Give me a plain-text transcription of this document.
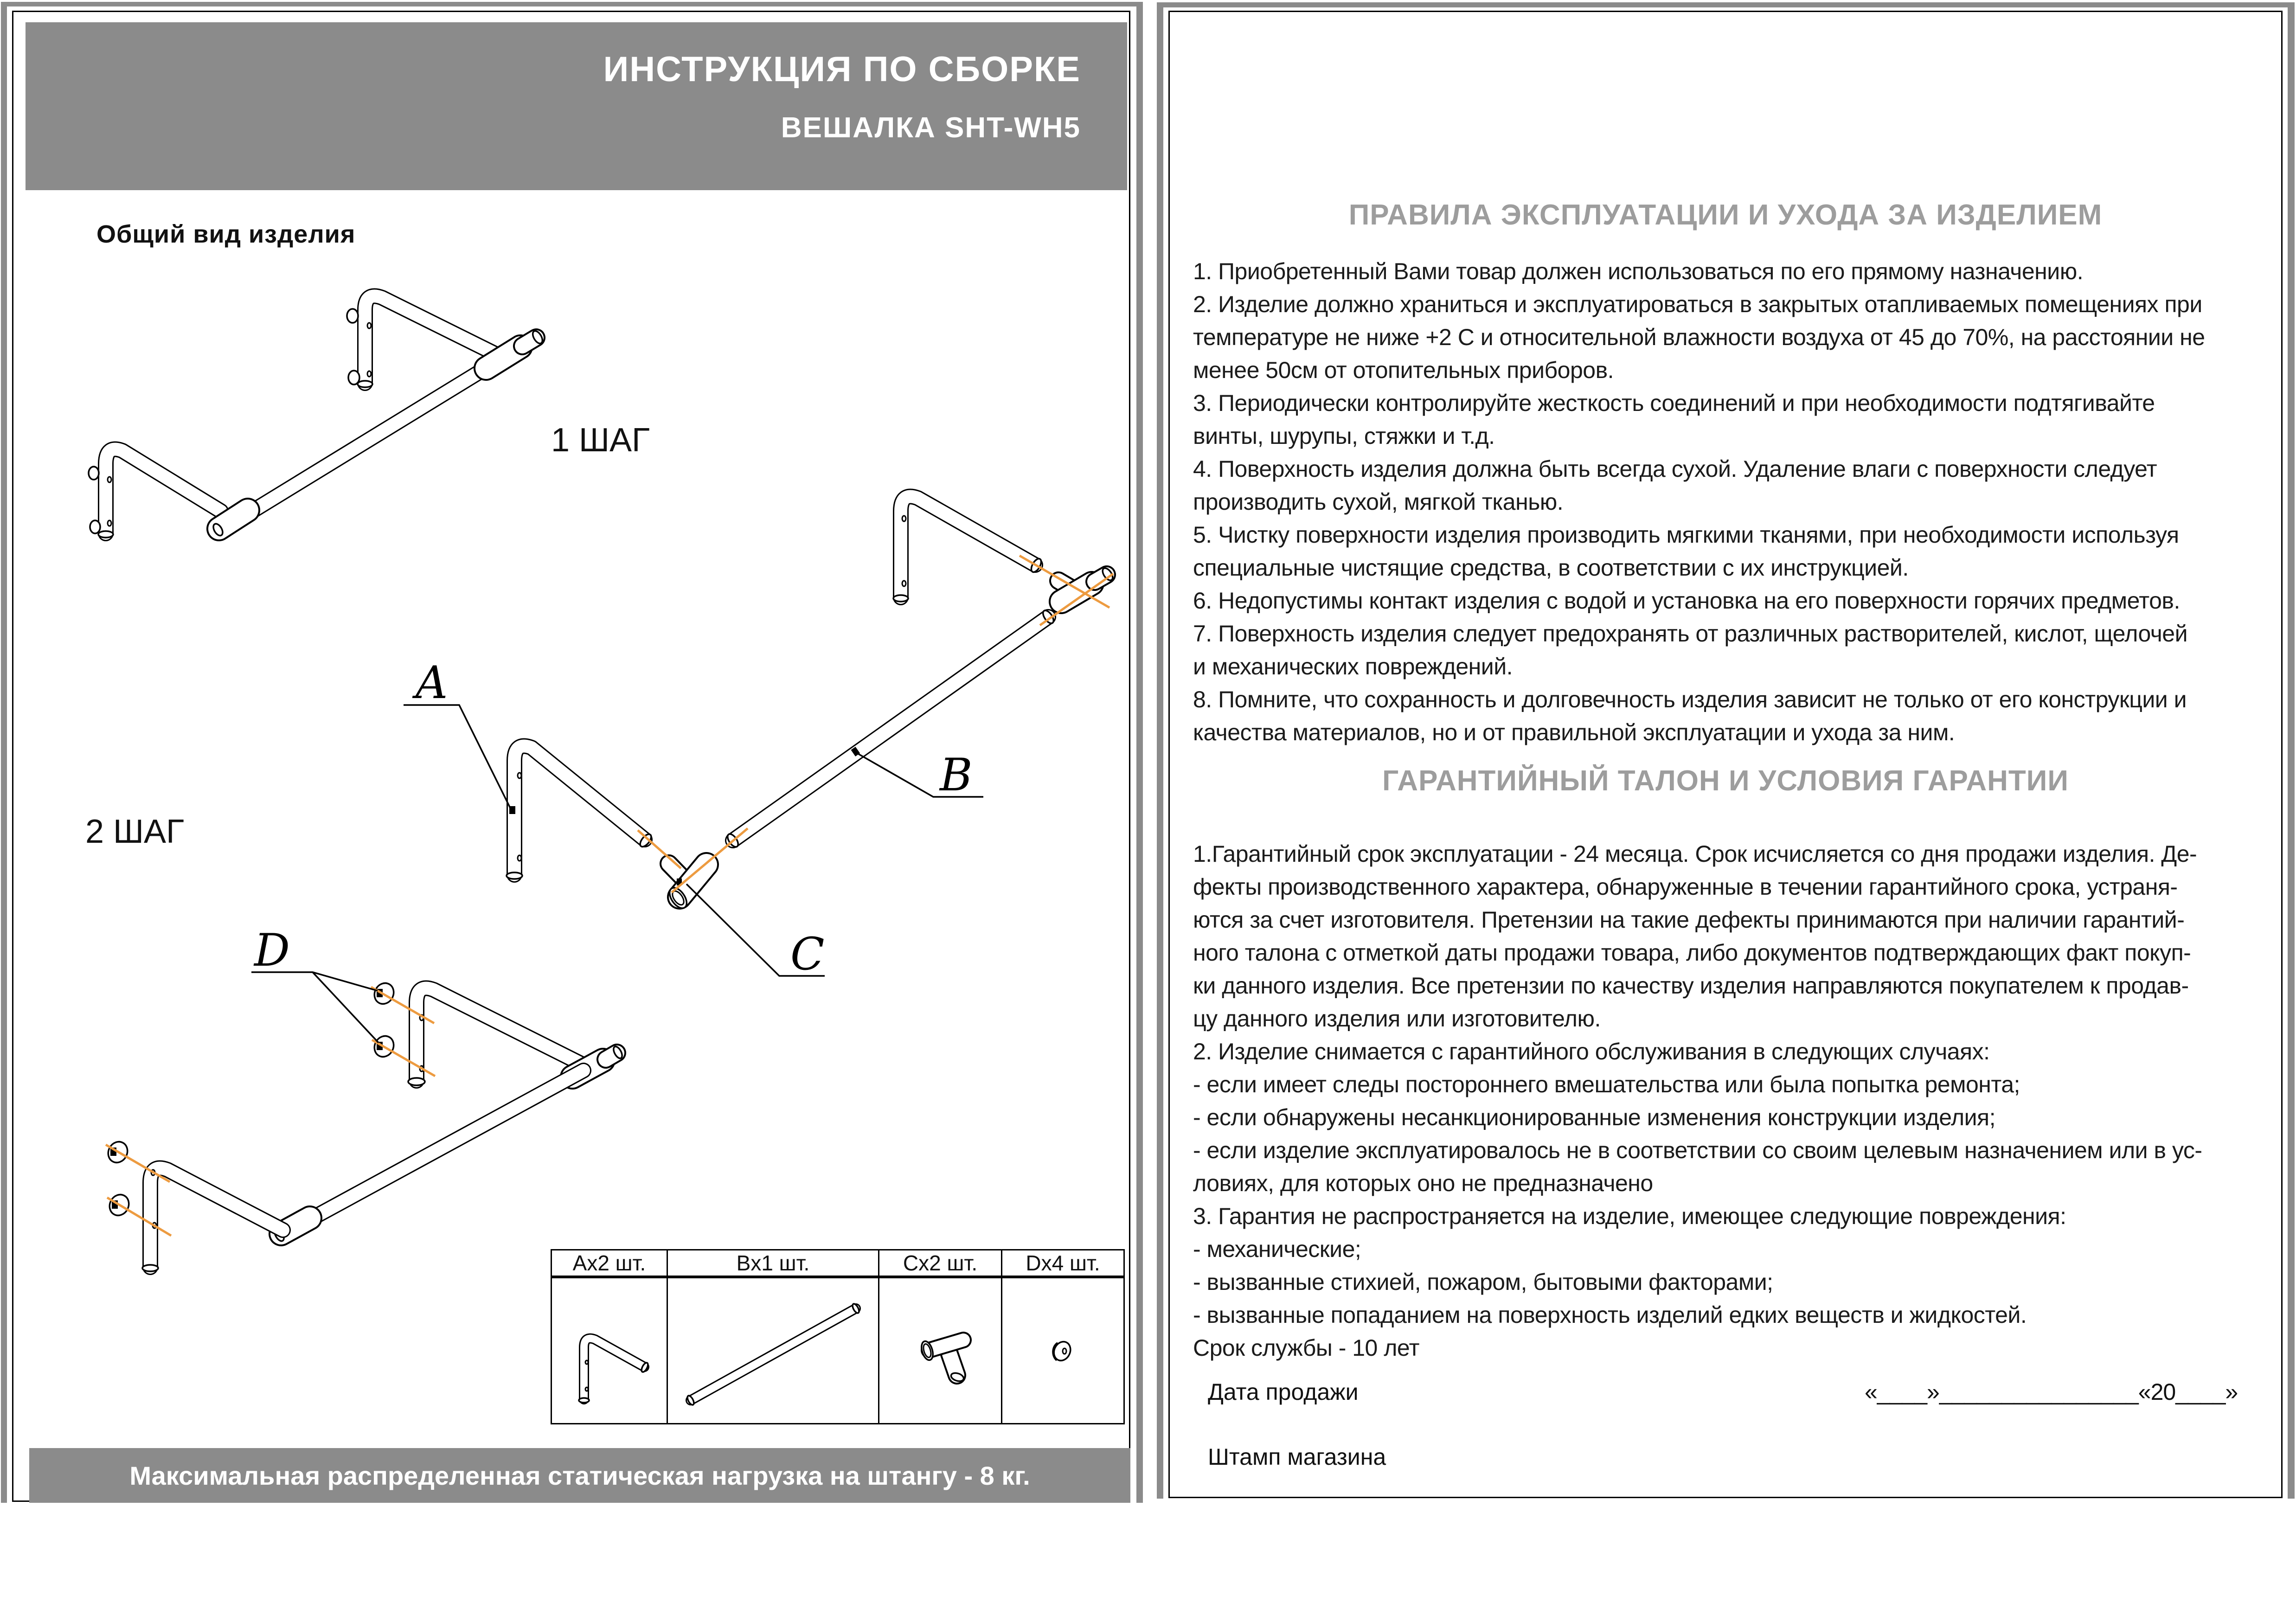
ИНСТРУКЦИЯ ПО СБОРКЕ
ВЕШАЛКА SHT-WH5
Общий вид изделия
1 ШАГ
2 ШАГ
A
B
C
D
Ax2 шт.	Bx1 шт.	Cx2 шт.	Dx4 шт.

Максимальная распределенная статическая нагрузка на штангу - 8 кг.
ПРАВИЛА ЭКСПЛУАТАЦИИ И УХОДА ЗА ИЗДЕЛИЕМ
1. Приобретенный Вами товар должен использоваться по его прямому назначению.
2. Изделие должно храниться и эксплуатироваться в закрытых отапливаемых помещениях при
температуре не ниже +2 С и относительной влажности воздуха от 45 до 70%, на расстоянии не
менее 50см от отопительных приборов.
3. Периодически контролируйте жесткость соединений и при необходимости подтягивайте
винты, шурупы, стяжки и т.д.
4. Поверхность изделия должна быть всегда сухой. Удаление влаги с поверхности следует
производить сухой, мягкой тканью.
5. Чистку поверхности изделия производить мягкими тканями, при необходимости используя
специальные чистящие средства, в соответствии с их инструкцией.
6. Недопустимы контакт изделия с водой и установка на его поверхности горячих предметов.
7. Поверхность изделия следует предохранять от различных растворителей, кислот, щелочей
и механических повреждений.
8. Помните, что сохранность и долговечность изделия зависит не только от его конструкции и
качества материалов, но и от правильной эксплуатации и ухода за ним.
ГАРАНТИЙНЫЙ ТАЛОН И УСЛОВИЯ ГАРАНТИИ
1.Гарантийный срок эксплуатации - 24 месяца. Срок исчисляется со дня продажи изделия. Де-
фекты производственного характера, обнаруженные в течении гарантийного срока, устраня-
ются за счет изготовителя. Претензии на такие дефекты принимаются при наличии гарантий-
ного талона с отметкой даты продажи товара, либо документов подтверждающих факт покуп-
ки данного изделия. Все претензии по качеству изделия направляются покупателем к продав-
цу данного изделия или изготовителю.
2. Изделие снимается с гарантийного обслуживания в следующих случаях:
- если имеет следы постороннего вмешательства или была попытка ремонта;
- если обнаружены несанкционированные изменения конструкции изделия;
- если изделие эксплуатировалось не в соответствии со своим целевым назначением или в ус-
ловиях, для которых оно не предназначено
3. Гарантия не распространяется на изделие, имеющее следующие повреждения:
- механические;
- вызванные стихией, пожаром, бытовыми факторами;
- вызванные попаданием на поверхность изделий едких веществ и жидкостей.
Срок службы - 10 лет
Дата продажи	«____»________________«20____»
Штамп магазина
